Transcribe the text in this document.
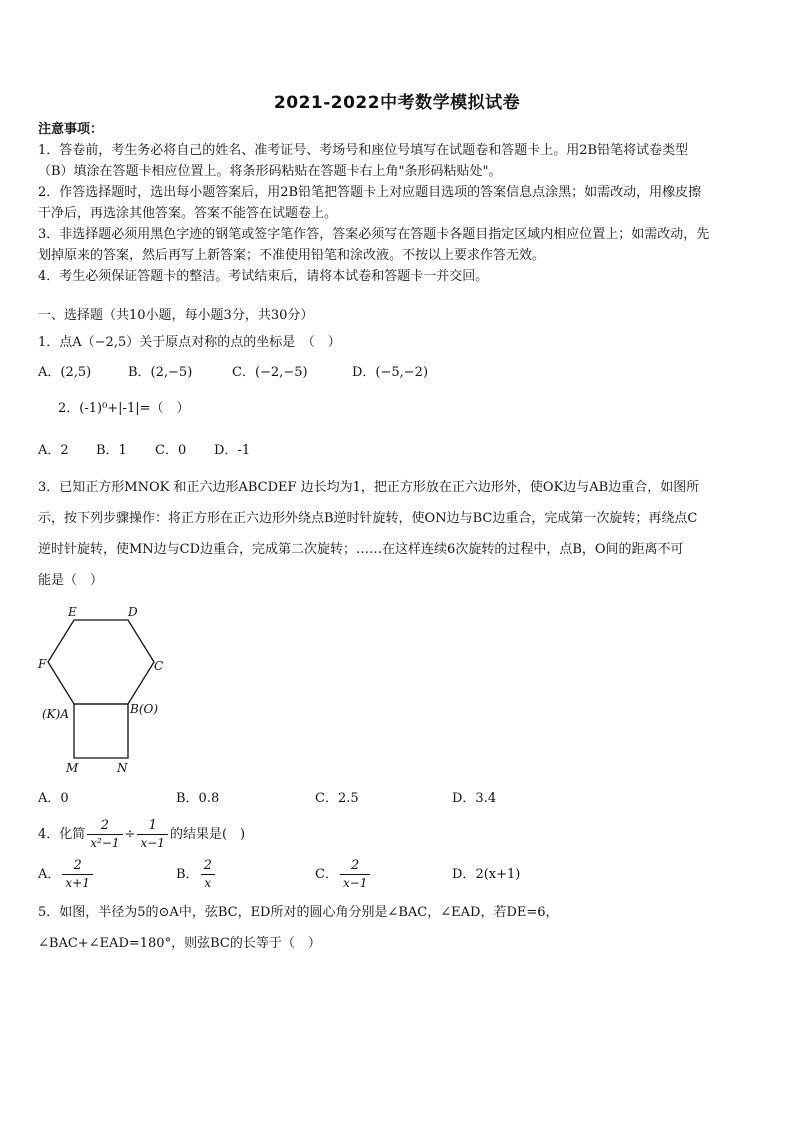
2021-2022中考数学模拟试卷
注意事项：
1．答卷前，考生务必将自己的姓名、准考证号、考场号和座位号填写在试题卷和答题卡上。用2B铅笔将试卷类型
（B）填涂在答题卡相应位置上。将条形码粘贴在答题卡右上角"条形码粘贴处"。
2．作答选择题时，选出每小题答案后，用2B铅笔把答题卡上对应题目选项的答案信息点涂黑；如需改动，用橡皮擦
干净后，再选涂其他答案。答案不能答在试题卷上。
3．非选择题必须用黑色字迹的钢笔或签字笔作答，答案必须写在答题卡各题目指定区域内相应位置上；如需改动，先
划掉原来的答案，然后再写上新答案；不准使用铅笔和涂改液。不按以上要求作答无效。
4．考生必须保证答题卡的整洁。考试结束后，请将本试卷和答题卡一并交回。
一、选择题（共10小题，每小题3分，共30分）
1．点A（−2,5）关于原点对称的点的坐标是　（　）
A．(2,5)	B．(2,−5)	C．(−2,−5)	D．(−5,−2)
2．(-1)⁰+|-1|=（　）
A．2 B．1 C．0 D．-1
3．已知正方形MNOK 和正六边形ABCDEF 边长均为1，把正方形放在正六边形外，使OK边与AB边重合，如图所
示，按下列步骤操作：将正方形在正六边形外绕点B逆时针旋转，使ON边与BC边重合，完成第一次旋转；再绕点C
逆时针旋转，使MN边与CD边重合，完成第二次旋转；……在这样连续6次旋转的过程中，点B，O间的距离不可
能是（　）
E	D
F	C
(K)A	B(O)
M	N
A．0	B．0.8	C．2.5	D．3.4
4．化简 $\frac{2}{\text{x²−1}} \div \frac{1}{x-1}$ 的结果是(　)
A． $\frac{2}{x+1}$	B． $\frac{2}{x}$	C． $\frac{2}{x-1}$	D．2(x+1)
5．如图，半径为5的⊙A中，弦BC，ED所对的圆心角分别是∠BAC，∠EAD，若DE=6，
∠BAC+∠EAD=180°，则弦BC的长等于（　）
